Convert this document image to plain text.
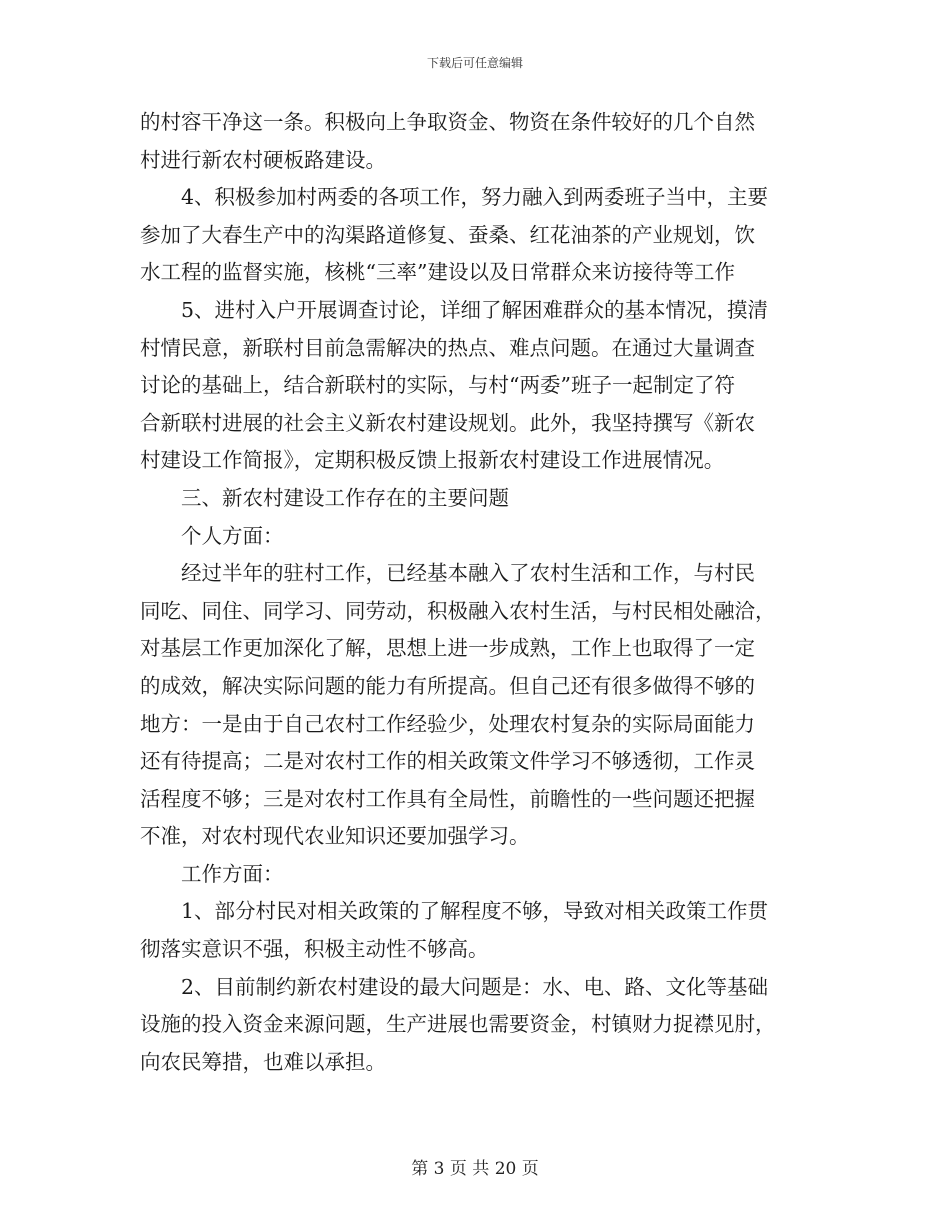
下载后可任意编辑
的村容干净这一条。积极向上争取资金、物资在条件较好的几个自然
村进行新农村硬板路建设。
　　4、积极参加村两委的各项工作，努力融入到两委班子当中，主要
参加了大春生产中的沟渠路道修复、蚕桑、红花油茶的产业规划，饮
水工程的监督实施，核桃“三率”建设以及日常群众来访接待等工作
　　5、进村入户开展调查讨论，详细了解困难群众的基本情况，摸清
村情民意，新联村目前急需解决的热点、难点问题。在通过大量调查
讨论的基础上，结合新联村的实际，与村“两委”班子一起制定了符
合新联村进展的社会主义新农村建设规划。此外，我坚持撰写《新农
村建设工作简报》，定期积极反馈上报新农村建设工作进展情况。
　　三、新农村建设工作存在的主要问题
　　个人方面：
　　经过半年的驻村工作，已经基本融入了农村生活和工作，与村民
同吃、同住、同学习、同劳动，积极融入农村生活，与村民相处融洽，
对基层工作更加深化了解，思想上进一步成熟，工作上也取得了一定
的成效，解决实际问题的能力有所提高。但自己还有很多做得不够的
地方：一是由于自己农村工作经验少，处理农村复杂的实际局面能力
还有待提高；二是对农村工作的相关政策文件学习不够透彻，工作灵
活程度不够；三是对农村工作具有全局性，前瞻性的一些问题还把握
不准，对农村现代农业知识还要加强学习。
　　工作方面：
　　1、部分村民对相关政策的了解程度不够，导致对相关政策工作贯
彻落实意识不强，积极主动性不够高。
　　2、目前制约新农村建设的最大问题是：水、电、路、文化等基础
设施的投入资金来源问题，生产进展也需要资金，村镇财力捉襟见肘，
向农民筹措，也难以承担。
第 3 页 共 20 页
